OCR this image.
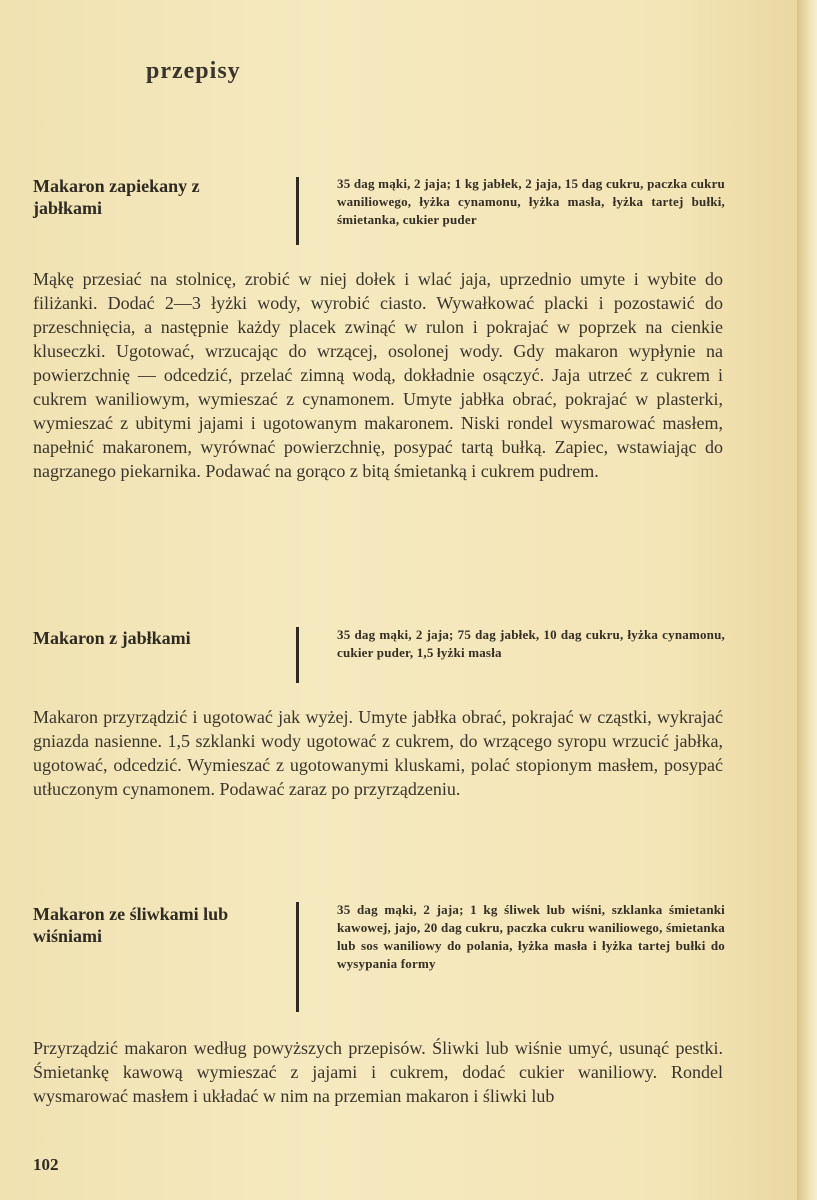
przepisy
Makaron zapiekany z jabłkami
35 dag mąki, 2 jaja; 1 kg jabłek, 2 jaja, 15 dag cukru, paczka cukru waniliowego, łyżka cynamonu, łyżka masła, łyżka tartej bułki, śmietanka, cukier puder
Mąkę przesiać na stolnicę, zrobić w niej dołek i wlać jaja, uprzednio umyte i wybite do filiżanki. Dodać 2—3 łyżki wody, wyrobić ciasto. Wywałkować placki i pozostawić do przeschnięcia, a następnie każdy placek zwinąć w rulon i pokrajać w poprzek na cienkie kluseczki. Ugotować, wrzucając do wrzącej, osolonej wody. Gdy makaron wypłynie na powierzchnię — odcedzić, przelać zimną wodą, dokładnie osączyć. Jaja utrzeć z cukrem i cukrem waniliowym, wymieszać z cynamonem. Umyte jabłka obrać, pokrajać w plasterki, wymieszać z ubitymi jajami i ugotowanym makaronem. Niski rondel wysmarować masłem, napełnić makaronem, wyrównać powierzchnię, posypać tartą bułką. Zapiec, wstawiając do nagrzanego piekarnika. Podawać na gorąco z bitą śmietanką i cukrem pudrem.
Makaron z jabłkami	35 dag mąki, 2 jaja; 75 dag jabłek, 10 dag cukru, łyżka cynamonu, cukier puder, 1,5 łyżki masła
Makaron przyrządzić i ugotować jak wyżej. Umyte jabłka obrać, pokrajać w cząstki, wykrajać gniazda nasienne. 1,5 szklanki wody ugotować z cukrem, do wrzącego syropu wrzucić jabłka, ugotować, odcedzić. Wymieszać z ugotowanymi kluskami, polać stopionym masłem, posypać utłuczonym cynamonem. Podawać zaraz po przyrządzeniu.
Makaron ze śliwkami lub wiśniami
35 dag mąki, 2 jaja; 1 kg śliwek lub wiśni, szklanka śmietanki kawowej, jajo, 20 dag cukru, paczka cukru waniliowego, śmietanka lub sos waniliowy do polania, łyżka masła i łyżka tartej bułki do wysypania formy
Przyrządzić makaron według powyższych przepisów. Śliwki lub wiśnie umyć, usunąć pestki. Śmietankę kawową wymieszać z jajami i cukrem, dodać cukier waniliowy. Rondel wysmarować masłem i układać w nim na przemian makaron i śliwki lub
102
